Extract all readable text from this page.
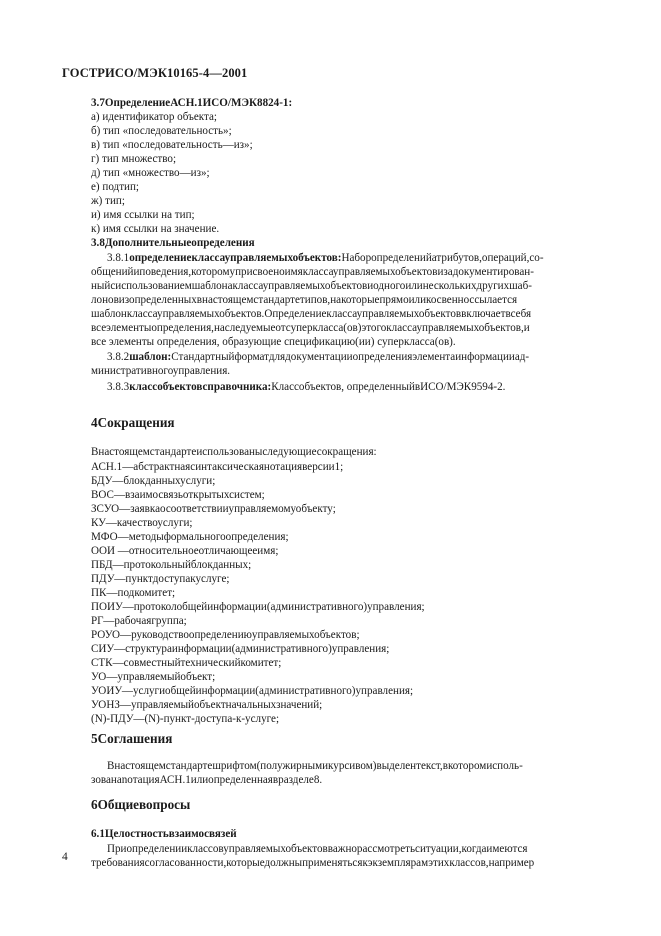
ГОСТРИСО/МЭК10165-4—2001
3.7ОпределениеАСН.1ИСО/МЭК8824-1:
а) идентификатор объекта;
б) тип «последовательность»;
в) тип «последовательность—из»;
г) тип множество;
д) тип «множество—из»;
е) подтип;
ж) тип;
и) имя ссылки на тип;
к) имя ссылки на значение.
3.8Дополнительныеопределения
3.8.1определениеклассауправляемыхобъектов:Наборопределенийатрибутов,операций,со-
общенийиповедения,которомуприсвоеноимяклассауправляемыхобъектовизадокументирован-
ныйсиспользованиемшаблонаклассауправляемыхобъектовиодногоилинесколькихдругихшаб-
лоновизопределенныхвнастоящемстандартетипов,накоторыепрямоиликосвенноссылается
шаблонклассауправляемыхобъектов.Определениеклассауправляемыхобъектоввключаетвсебя
всеэлементыопределения,наследуемыеотсуперкласса(ов)этогоклассауправляемыхобъектов,и
все элементы определения, образующие спецификацию(ии) суперкласса(ов).
3.8.2шаблон:Стандартныйформатдлядокументацииопределенияэлементаинформацииад-
министративногоуправления.
3.8.3классобъектовсправочника:Классобъектов, определенныйвИСО/МЭК9594-2.
4Сокращения
Внастоящемстандартеиспользованыследующиесокращения:
АСН.1—абстрактнаясинтаксическаянотацияверсии1;
БДУ—блокданныхуслуги;
ВОС—взаимосвязьоткрытыхсистем;
ЗСУО—заявкаосоответствииуправляемомуобъекту;
КУ—качествоуслуги;
МФО—методыформальногоопределения;
ООИ —относительноеотличающееимя;
ПБД—протокольныйблокданных;
ПДУ—пунктдоступакуслуге;
ПК—подкомитет;
ПОИУ—протоколобщейинформации(административного)управления;
РГ—рабочаягруппа;
РОУО—руководствоопределениюуправляемыхобъектов;
СИУ—структураинформации(административного)управления;
СТК—совместныйтехническийкомитет;
УО—управляемыйобъект;
УОИУ—услугиобщейинформации(административного)управления;
УОНЗ—управляемыйобъектначальныхзначений;
(N)-ПДУ—(N)-пункт-доступа-к-услуге;
5Соглашения
Внастоящемстандартешрифтом(полужирнымикурсивом)выделентекст,вкоторомисполь-
зованanотацияАСН.1илиопределеннаявразделе8.
6Общиевопросы
6.1Целостностьвзаимосвязей
Приопределенииклассовуправляемыхобъектовважнорассмотретьситуации,когдаимеются
требованиясогласованности,которыедолжныприменятьсякэкземплярамэтихклассов,например
4
